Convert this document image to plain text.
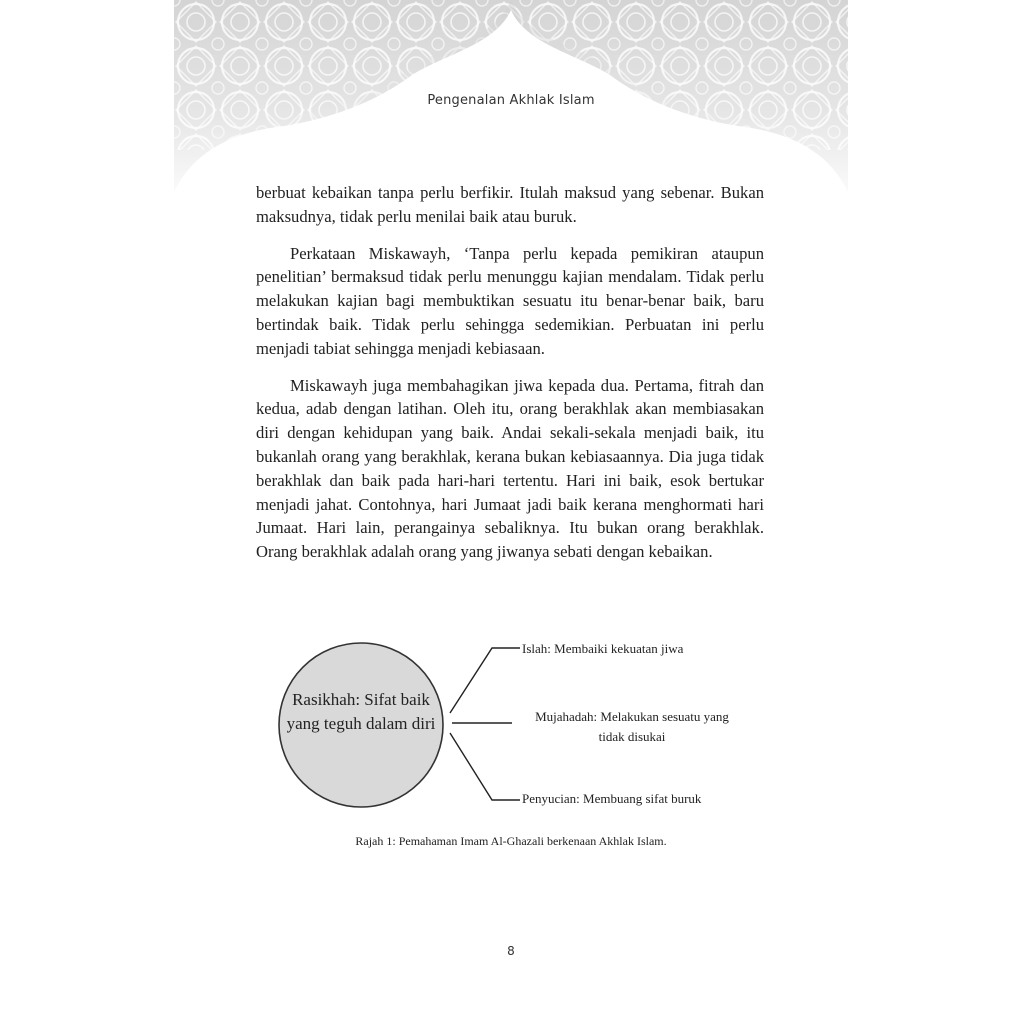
Pengenalan Akhlak Islam

berbuat kebaikan tanpa perlu berfikir. Itulah maksud yang sebenar. Bukan maksudnya, tidak perlu menilai baik atau buruk.

Perkataan Miskawayh, ‘Tanpa perlu kepada pemikiran ataupun penelitian’ bermaksud tidak perlu menunggu kajian mendalam. Tidak perlu melakukan kajian bagi membuktikan sesuatu itu benar-benar baik, baru bertindak baik. Tidak perlu sehingga sedemikian. Perbuatan ini perlu menjadi tabiat sehingga menjadi kebiasaan.

Miskawayh juga membahagikan jiwa kepada dua. Pertama, fitrah dan kedua, adab dengan latihan. Oleh itu, orang berakhlak akan membiasakan diri dengan kehidupan yang baik. Andai sekali-sekala menjadi baik, itu bukanlah orang yang berakhlak, kerana bukan kebiasaannya. Dia juga tidak berakhlak dan baik pada hari-hari tertentu. Hari ini baik, esok bertukar menjadi jahat. Contohnya, hari Jumaat jadi baik kerana menghormati hari Jumaat. Hari lain, perangainya sebaliknya. Itu bukan orang berakhlak. Orang berakhlak adalah orang yang jiwanya sebati dengan kebaikan.

Rasikhah: Sifat baik yang teguh dalam diri
Islah: Membaiki kekuatan jiwa
Mujahadah: Melakukan sesuatu yang tidak disukai
Penyucian: Membuang sifat buruk
Rajah 1: Pemahaman Imam Al-Ghazali berkenaan Akhlak Islam.
8
